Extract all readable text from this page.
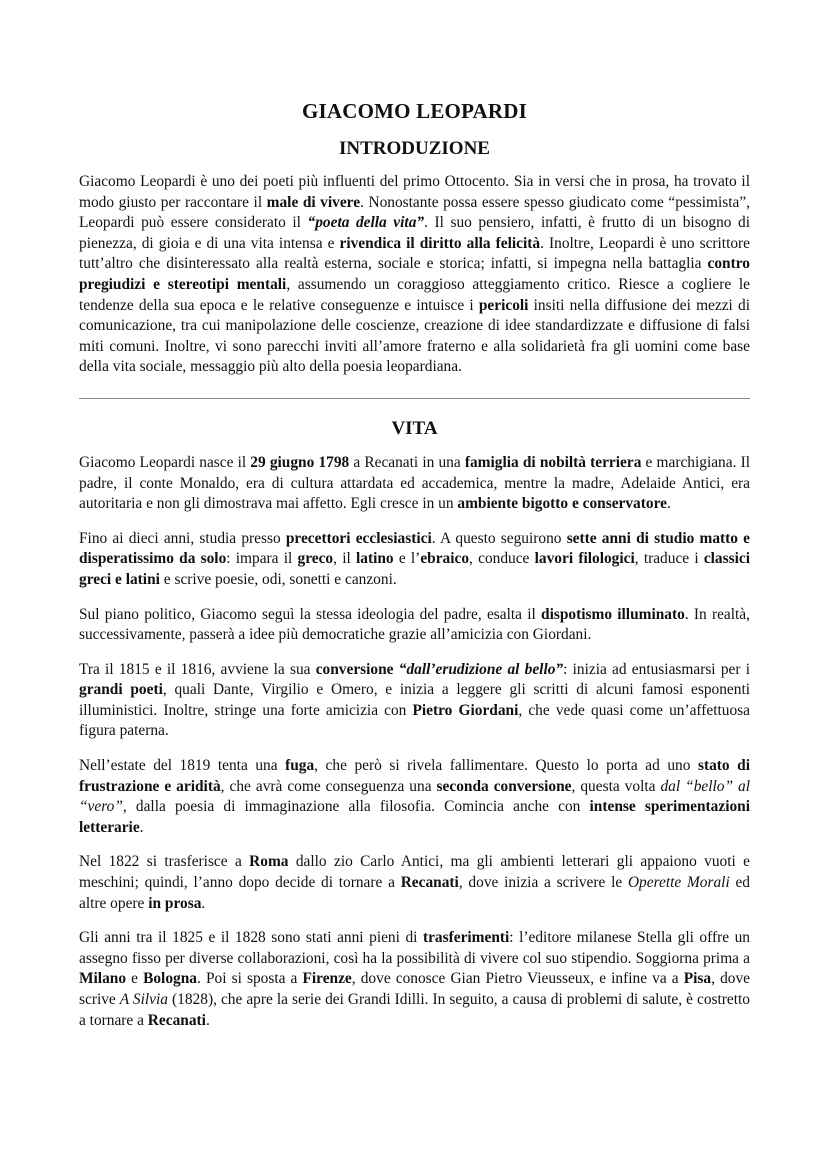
GIACOMO LEOPARDI
INTRODUZIONE

Giacomo Leopardi è uno dei poeti più influenti del primo Ottocento. Sia in versi che in prosa, ha trovato il modo giusto per raccontare il male di vivere. Nonostante possa essere spesso giudicato come “pessimista”, Leopardi può essere considerato il “poeta della vita”. Il suo pensiero, infatti, è frutto di un bisogno di pienezza, di gioia e di una vita intensa e rivendica il diritto alla felicità. Inoltre, Leopardi è uno scrittore tutt’altro che disinteressato alla realtà esterna, sociale e storica; infatti, si impegna nella battaglia contro pregiudizi e stereotipi mentali, assumendo un coraggioso atteggiamento critico. Riesce a cogliere le tendenze della sua epoca e le relative conseguenze e intuisce i pericoli insiti nella diffusione dei mezzi di comunicazione, tra cui manipolazione delle coscienze, creazione di idee standardizzate e diffusione di falsi miti comuni. Inoltre, vi sono parecchi inviti all’amore fraterno e alla solidarietà fra gli uomini come base della vita sociale, messaggio più alto della poesia leopardiana.

VITA

Giacomo Leopardi nasce il 29 giugno 1798 a Recanati in una famiglia di nobiltà terriera e marchigiana. Il padre, il conte Monaldo, era di cultura attardata ed accademica, mentre la madre, Adelaide Antici, era autoritaria e non gli dimostrava mai affetto. Egli cresce in un ambiente bigotto e conservatore.

Fino ai dieci anni, studia presso precettori ecclesiastici. A questo seguirono sette anni di studio matto e disperatissimo da solo: impara il greco, il latino e l’ebraico, conduce lavori filologici, traduce i classici greci e latini e scrive poesie, odi, sonetti e canzoni.

Sul piano politico, Giacomo seguì la stessa ideologia del padre, esalta il dispotismo illuminato. In realtà, successivamente, passerà a idee più democratiche grazie all’amicizia con Giordani.

Tra il 1815 e il 1816, avviene la sua conversione “dall’erudizione al bello”: inizia ad entusiasmarsi per i grandi poeti, quali Dante, Virgilio e Omero, e inizia a leggere gli scritti di alcuni famosi esponenti illuministici. Inoltre, stringe una forte amicizia con Pietro Giordani, che vede quasi come un’affettuosa figura paterna.

Nell’estate del 1819 tenta una fuga, che però si rivela fallimentare. Questo lo porta ad uno stato di frustrazione e aridità, che avrà come conseguenza una seconda conversione, questa volta dal “bello” al “vero”, dalla poesia di immaginazione alla filosofia. Comincia anche con intense sperimentazioni letterarie.

Nel 1822 si trasferisce a Roma dallo zio Carlo Antici, ma gli ambienti letterari gli appaiono vuoti e meschini; quindi, l’anno dopo decide di tornare a Recanati, dove inizia a scrivere le Operette Morali ed altre opere in prosa.

Gli anni tra il 1825 e il 1828 sono stati anni pieni di trasferimenti: l’editore milanese Stella gli offre un assegno fisso per diverse collaborazioni, così ha la possibilità di vivere col suo stipendio. Soggiorna prima a Milano e Bologna. Poi si sposta a Firenze, dove conosce Gian Pietro Vieusseux, e infine va a Pisa, dove scrive A Silvia (1828), che apre la serie dei Grandi Idilli. In seguito, a causa di problemi di salute, è costretto a tornare a Recanati.
